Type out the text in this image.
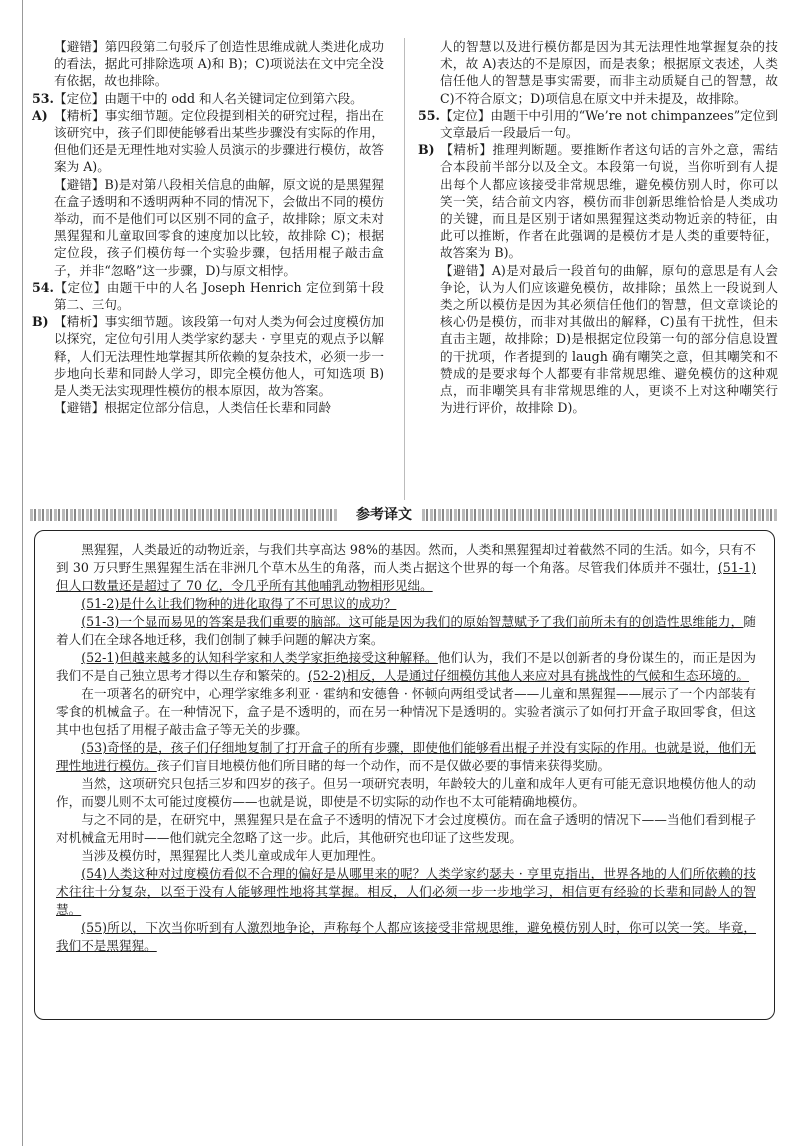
【避错】第四段第二句驳斥了创造性思维成就人类进化成功的看法，据此可排除选项 A)和 B)；C)项说法在文中完全没有依据，故也排除。

53.【定位】由题干中的 odd 和人名关键词定位到第六段。

A) 【精析】事实细节题。定位段提到相关的研究过程，指出在该研究中，孩子们即使能够看出某些步骤没有实际的作用，但他们还是无理性地对实验人员演示的步骤进行模仿，故答案为 A)。

【避错】B)是对第八段相关信息的曲解，原文说的是黑猩猩在盒子透明和不透明两种不同的情况下，会做出不同的模仿举动，而不是他们可以区别不同的盒子，故排除；原文未对黑猩猩和儿童取回零食的速度加以比较，故排除 C)；根据定位段，孩子们模仿每一个实验步骤，包括用棍子敲击盒子，并非“忽略”这一步骤，D)与原文相悖。

54.【定位】由题干中的人名 Joseph Henrich 定位到第十段第二、三句。

B) 【精析】事实细节题。该段第一句对人类为何会过度模仿加以探究，定位句引用人类学家约瑟夫 · 亨里克的观点予以解释，人们无法理性地掌握其所依赖的复杂技术，必须一步一步地向长辈和同龄人学习，即完全模仿他人，可知选项 B)是人类无法实现理性模仿的根本原因，故为答案。

【避错】根据定位部分信息，人类信任长辈和同龄

人的智慧以及进行模仿都是因为其无法理性地掌握复杂的技术，故 A)表达的不是原因，而是表象；根据原文表述，人类信任他人的智慧是事实需要，而非主动质疑自己的智慧，故 C)不符合原文；D)项信息在原文中并未提及，故排除。

55.【定位】由题干中引用的“We’re not chimpanzees”定位到文章最后一段最后一句。

B) 【精析】推理判断题。要推断作者这句话的言外之意，需结合本段前半部分以及全文。本段第一句说，当你听到有人提出每个人都应该接受非常规思维，避免模仿别人时，你可以笑一笑，结合前文内容，模仿而非创新思维恰恰是人类成功的关键，而且是区别于诸如黑猩猩这类动物近亲的特征，由此可以推断，作者在此强调的是模仿才是人类的重要特征，故答案为 B)。

【避错】A)是对最后一段首句的曲解，原句的意思是有人会争论，认为人们应该避免模仿，故排除；虽然上一段说到人类之所以模仿是因为其必须信任他们的智慧，但文章谈论的核心仍是模仿，而非对其做出的解释，C)虽有干扰性，但未直击主题，故排除；D)是根据定位段第一句的部分信息设置的干扰项，作者提到的 laugh 确有嘲笑之意，但其嘲笑和不赞成的是要求每个人都要有非常规思维、避免模仿的这种观点，而非嘲笑具有非常规思维的人，更谈不上对这种嘲笑行为进行评价，故排除 D)。

参考译文

黑猩猩，人类最近的动物近亲，与我们共享高达 98%的基因。然而，人类和黑猩猩却过着截然不同的生活。如今，只有不到 30 万只野生黑猩猩生活在非洲几个草木丛生的角落，而人类占据这个世界的每一个角落。尽管我们体质并不强壮，(51-1)但人口数量还是超过了 70 亿，令几乎所有其他哺乳动物相形见绌。

(51-2)是什么让我们物种的进化取得了不可思议的成功？

(51-3)一个显而易见的答案是我们重要的脑部。这可能是因为我们的原始智慧赋予了我们前所未有的创造性思维能力，随着人们在全球各地迁移，我们创制了棘手问题的解决方案。

(52-1)但越来越多的认知科学家和人类学家拒绝接受这种解释。他们认为，我们不是以创新者的身份谋生的，而正是因为我们不是自己独立思考才得以生存和繁荣的。(52-2)相反，人是通过仔细模仿其他人来应对具有挑战性的气候和生态环境的。

在一项著名的研究中，心理学家维多利亚 · 霍纳和安德鲁 · 怀顿向两组受试者——儿童和黑猩猩——展示了一个内部装有零食的机械盒子。在一种情况下，盒子是不透明的，而在另一种情况下是透明的。实验者演示了如何打开盒子取回零食，但这其中也包括了用棍子敲击盒子等无关的步骤。

(53)奇怪的是，孩子们仔细地复制了打开盒子的所有步骤，即使他们能够看出棍子并没有实际的作用。也就是说，他们无理性地进行模仿。孩子们盲目地模仿他们所目睹的每一个动作，而不是仅做必要的事情来获得奖励。

当然，这项研究只包括三岁和四岁的孩子。但另一项研究表明，年龄较大的儿童和成年人更有可能无意识地模仿他人的动作，而婴儿则不太可能过度模仿——也就是说，即使是不切实际的动作也不太可能精确地模仿。

与之不同的是，在研究中，黑猩猩只是在盒子不透明的情况下才会过度模仿。而在盒子透明的情况下——当他们看到棍子对机械盒无用时——他们就完全忽略了这一步。此后，其他研究也印证了这些发现。

当涉及模仿时，黑猩猩比人类儿童或成年人更加理性。

(54)人类这种对过度模仿看似不合理的偏好是从哪里来的呢？人类学家约瑟夫 · 亨里克指出，世界各地的人们所依赖的技术往往十分复杂，以至于没有人能够理性地将其掌握。相反，人们必须一步一步地学习，相信更有经验的长辈和同龄人的智慧。

(55)所以，下次当你听到有人激烈地争论，声称每个人都应该接受非常规思维，避免模仿别人时，你可以笑一笑。毕竟，我们不是黑猩猩。
